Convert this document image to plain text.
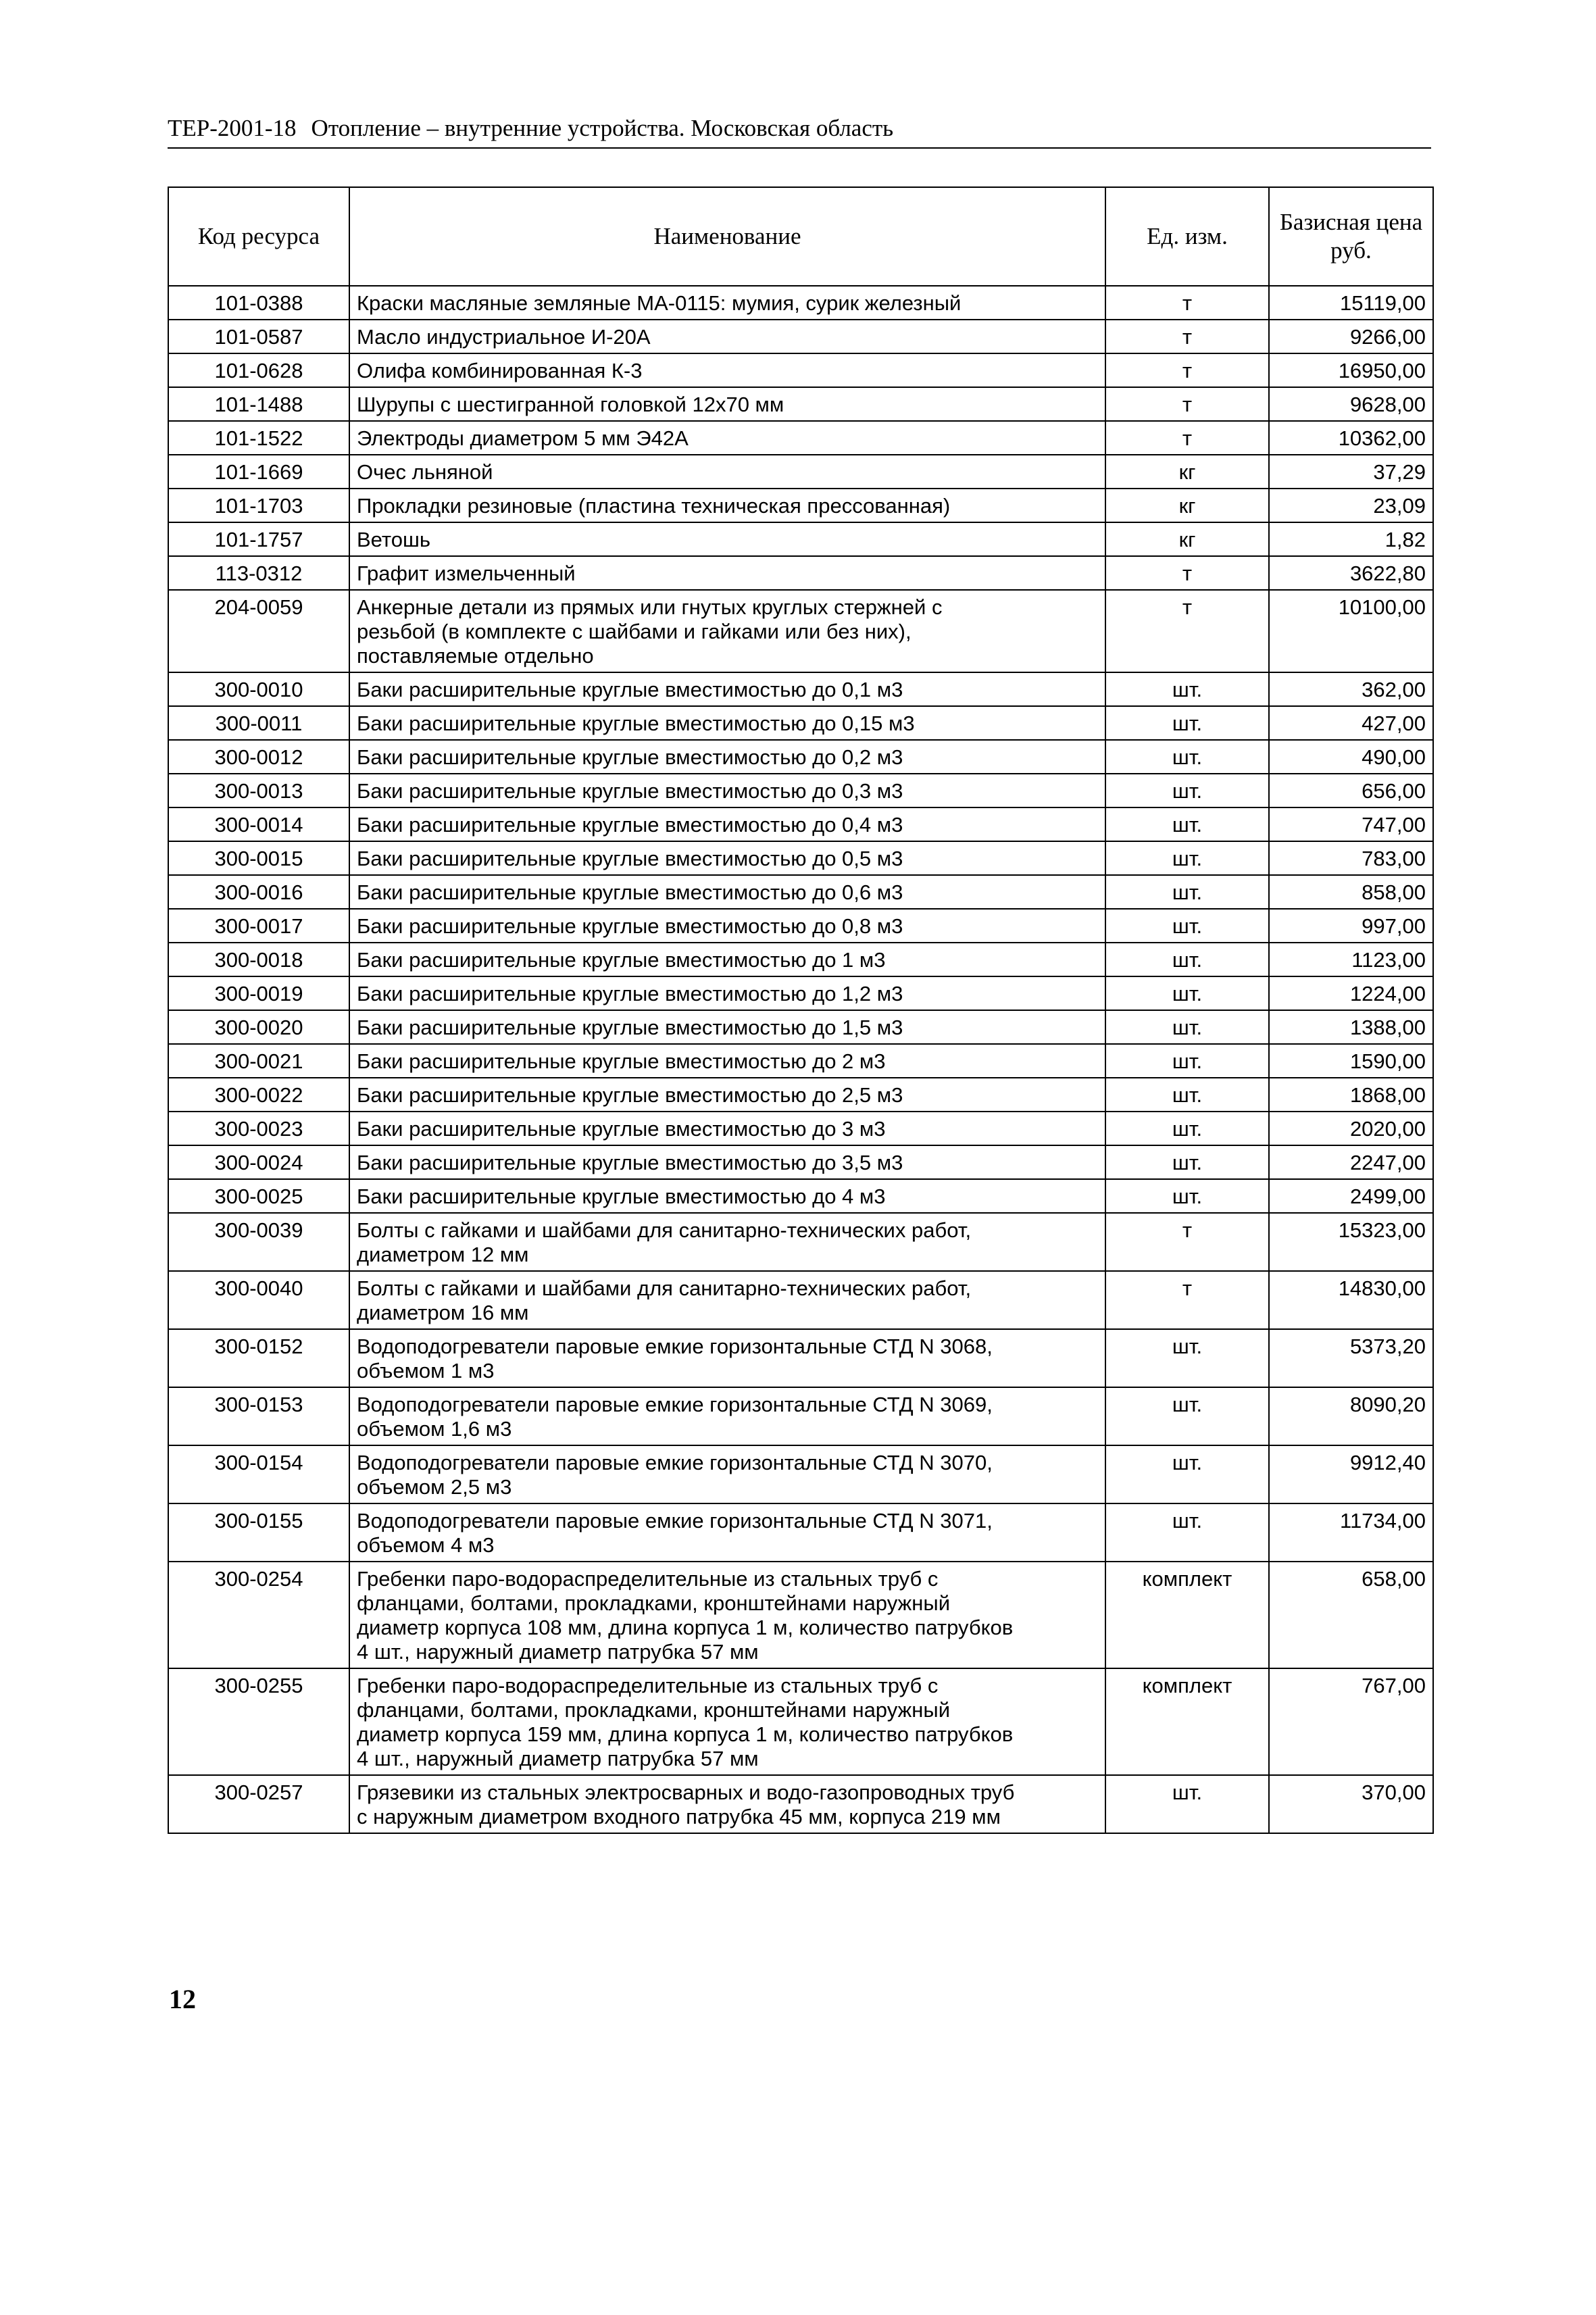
ТЕР-2001-18 Отопление – внутренние устройства. Московская область
Код ресурса	Наименование	Ед. изм.	Базисная цена руб.
101-0388	Краски масляные земляные МА-0115: мумия, сурик железный	т	15119,00
101-0587	Масло индустриальное И-20А	т	9266,00
101-0628	Олифа комбинированная К-3	т	16950,00
101-1488	Шурупы с шестигранной головкой 12х70 мм	т	9628,00
101-1522	Электроды диаметром 5 мм Э42А	т	10362,00
101-1669	Очес льняной	кг	37,29
101-1703	Прокладки резиновые (пластина техническая прессованная)	кг	23,09
101-1757	Ветошь	кг	1,82
113-0312	Графит измельченный	т	3622,80
204-0059	Анкерные детали из прямых или гнутых круглых стержней с
резьбой (в комплекте с шайбами и гайками или без них),
поставляемые отдельно	т	10100,00
300-0010	Баки расширительные круглые вместимостью до 0,1 м3	шт.	362,00
300-0011	Баки расширительные круглые вместимостью до 0,15 м3	шт.	427,00
300-0012	Баки расширительные круглые вместимостью до 0,2 м3	шт.	490,00
300-0013	Баки расширительные круглые вместимостью до 0,3 м3	шт.	656,00
300-0014	Баки расширительные круглые вместимостью до 0,4 м3	шт.	747,00
300-0015	Баки расширительные круглые вместимостью до 0,5 м3	шт.	783,00
300-0016	Баки расширительные круглые вместимостью до 0,6 м3	шт.	858,00
300-0017	Баки расширительные круглые вместимостью до 0,8 м3	шт.	997,00
300-0018	Баки расширительные круглые вместимостью до 1 м3	шт.	1123,00
300-0019	Баки расширительные круглые вместимостью до 1,2 м3	шт.	1224,00
300-0020	Баки расширительные круглые вместимостью до 1,5 м3	шт.	1388,00
300-0021	Баки расширительные круглые вместимостью до 2 м3	шт.	1590,00
300-0022	Баки расширительные круглые вместимостью до 2,5 м3	шт.	1868,00
300-0023	Баки расширительные круглые вместимостью до 3 м3	шт.	2020,00
300-0024	Баки расширительные круглые вместимостью до 3,5 м3	шт.	2247,00
300-0025	Баки расширительные круглые вместимостью до 4 м3	шт.	2499,00
300-0039	Болты с гайками и шайбами для санитарно-технических работ,
диаметром 12 мм	т	15323,00
300-0040	Болты с гайками и шайбами для санитарно-технических работ,
диаметром 16 мм	т	14830,00
300-0152	Водоподогреватели паровые емкие горизонтальные СТД N 3068,
объемом 1 м3	шт.	5373,20
300-0153	Водоподогреватели паровые емкие горизонтальные СТД N 3069,
объемом 1,6 м3	шт.	8090,20
300-0154	Водоподогреватели паровые емкие горизонтальные СТД N 3070,
объемом 2,5 м3	шт.	9912,40
300-0155	Водоподогреватели паровые емкие горизонтальные СТД N 3071,
объемом 4 м3	шт.	11734,00
300-0254	Гребенки паро-водораспределительные из стальных труб с
фланцами, болтами, прокладками, кронштейнами наружный
диаметр корпуса 108 мм, длина корпуса 1 м, количество патрубков
4 шт., наружный диаметр патрубка 57 мм	комплект	658,00
300-0255	Гребенки паро-водораспределительные из стальных труб с
фланцами, болтами, прокладками, кронштейнами наружный
диаметр корпуса 159 мм, длина корпуса 1 м, количество патрубков
4 шт., наружный диаметр патрубка 57 мм	комплект	767,00
300-0257	Грязевики из стальных электросварных и водо-газопроводных труб
с наружным диаметром входного патрубка 45 мм, корпуса 219 мм	шт.	370,00
12
